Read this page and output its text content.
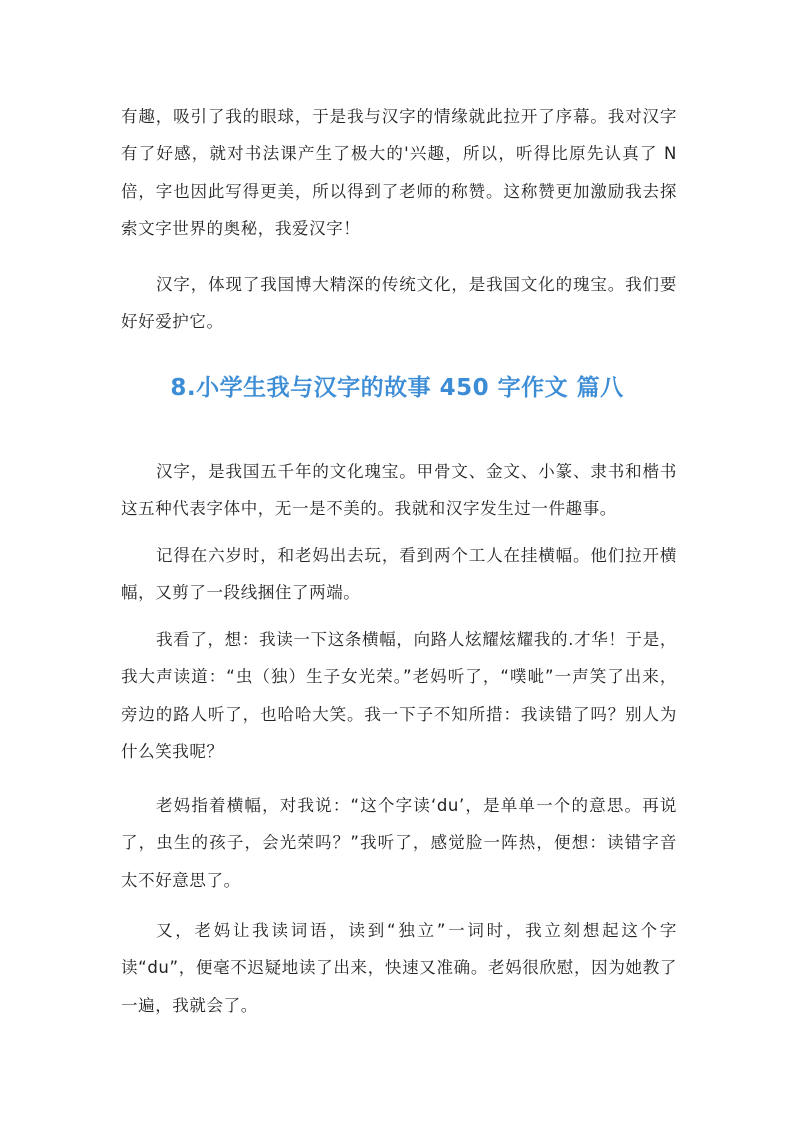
有趣，吸引了我的眼球，于是我与汉字的情缘就此拉开了序幕。我对汉字有了好感，就对书法课产生了极大的'兴趣，所以，听得比原先认真了 N 倍，字也因此写得更美，所以得到了老师的称赞。这称赞更加激励我去探索文字世界的奥秘，我爱汉字！

汉字，体现了我国博大精深的传统文化，是我国文化的瑰宝。我们要好好爱护它。

8.小学生我与汉字的故事 450 字作文 篇八

汉字，是我国五千年的文化瑰宝。甲骨文、金文、小篆、隶书和楷书这五种代表字体中，无一是不美的。我就和汉字发生过一件趣事。

记得在六岁时，和老妈出去玩，看到两个工人在挂横幅。他们拉开横幅，又剪了一段线捆住了两端。

我看了，想：我读一下这条横幅，向路人炫耀炫耀我的.才华！于是，我大声读道：“虫（独）生子女光荣。”老妈听了，“噗呲”一声笑了出来，旁边的路人听了，也哈哈大笑。我一下子不知所措：我读错了吗？别人为什么笑我呢？

老妈指着横幅，对我说：“这个字读‘du’，是单单一个的意思。再说了，虫生的孩子，会光荣吗？”我听了，感觉脸一阵热，便想：读错字音太不好意思了。

又，老妈让我读词语，读到“独立”一词时，我立刻想起这个字读“du”，便毫不迟疑地读了出来，快速又准确。老妈很欣慰，因为她教了一遍，我就会了。
